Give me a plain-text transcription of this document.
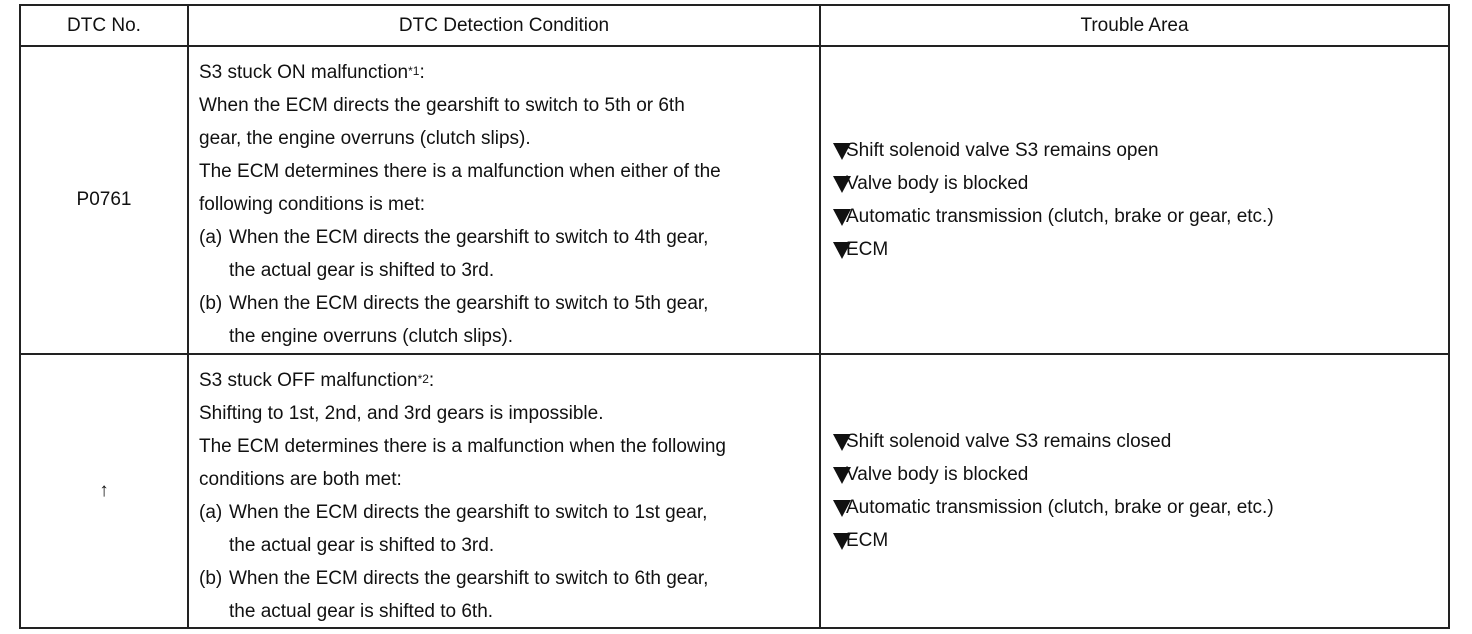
DTC No.	DTC Detection Condition	Trouble Area
P0761
S3 stuck ON malfunction$^{*1}$:
When the ECM directs the gearshift to switch to 5th or 6th
gear, the engine overruns (clutch slips).
The ECM determines there is a malfunction when either of the
following conditions is met:
(a) When the ECM directs the gearshift to switch to 4th gear,
the actual gear is shifted to 3rd.
(b) When the ECM directs the gearshift to switch to 5th gear,
the engine overruns (clutch slips).
Shift solenoid valve S3 remains open
Valve body is blocked
Automatic transmission (clutch, brake or gear, etc.)
ECM
↑
S3 stuck OFF malfunction$^{*2}$:
Shifting to 1st, 2nd, and 3rd gears is impossible.
The ECM determines there is a malfunction when the following
conditions are both met:
(a) When the ECM directs the gearshift to switch to 1st gear,
the actual gear is shifted to 3rd.
(b) When the ECM directs the gearshift to switch to 6th gear,
the actual gear is shifted to 6th.
Shift solenoid valve S3 remains closed
Valve body is blocked
Automatic transmission (clutch, brake or gear, etc.)
ECM
